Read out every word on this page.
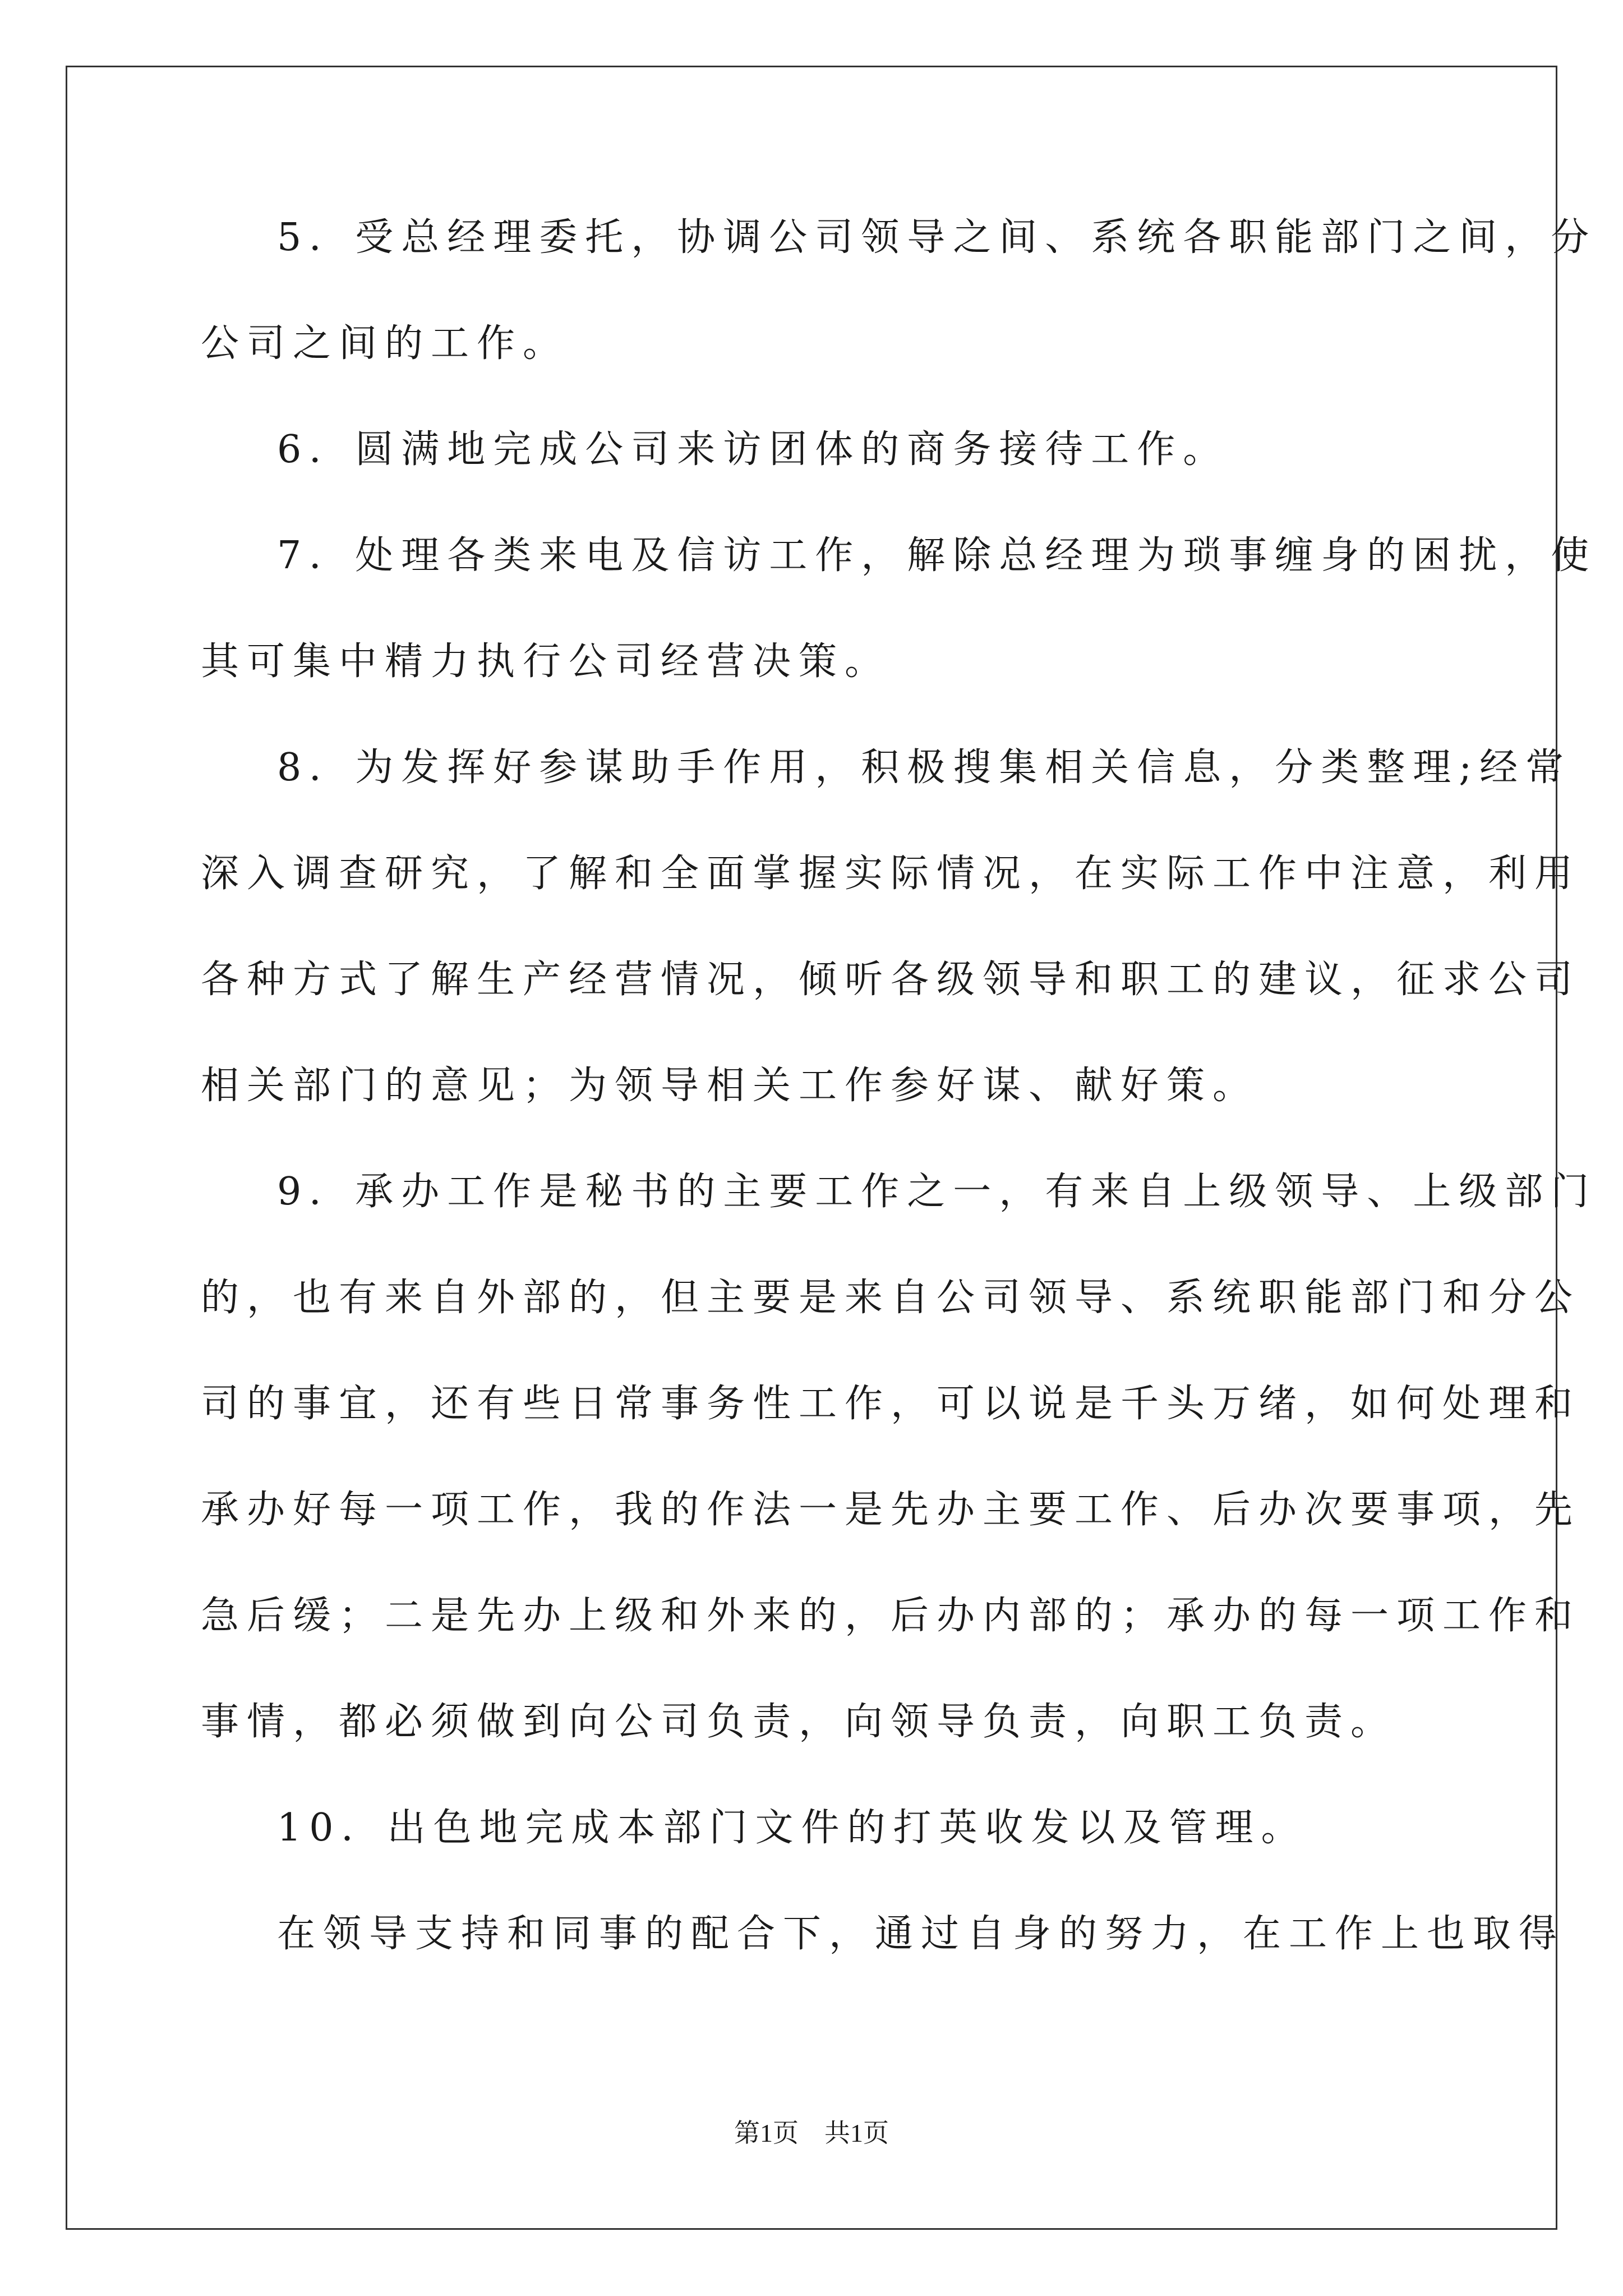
5．受总经理委托，协调公司领导之间、系统各职能部门之间，分
公司之间的工作。
6．圆满地完成公司来访团体的商务接待工作。
7．处理各类来电及信访工作，解除总经理为琐事缠身的困扰，使
其可集中精力执行公司经营决策。
8．为发挥好参谋助手作用，积极搜集相关信息，分类整理;经常
深入调查研究，了解和全面掌握实际情况，在实际工作中注意，利用
各种方式了解生产经营情况，倾听各级领导和职工的建议，征求公司
相关部门的意见；为领导相关工作参好谋、献好策。
9．承办工作是秘书的主要工作之一，有来自上级领导、上级部门
的，也有来自外部的，但主要是来自公司领导、系统职能部门和分公
司的事宜，还有些日常事务性工作，可以说是千头万绪，如何处理和
承办好每一项工作，我的作法一是先办主要工作、后办次要事项，先
急后缓；二是先办上级和外来的，后办内部的；承办的每一项工作和
事情，都必须做到向公司负责，向领导负责，向职工负责。
10．出色地完成本部门文件的打英收发以及管理。
在领导支持和同事的配合下，通过自身的努力，在工作上也取得
第1页 共1页
